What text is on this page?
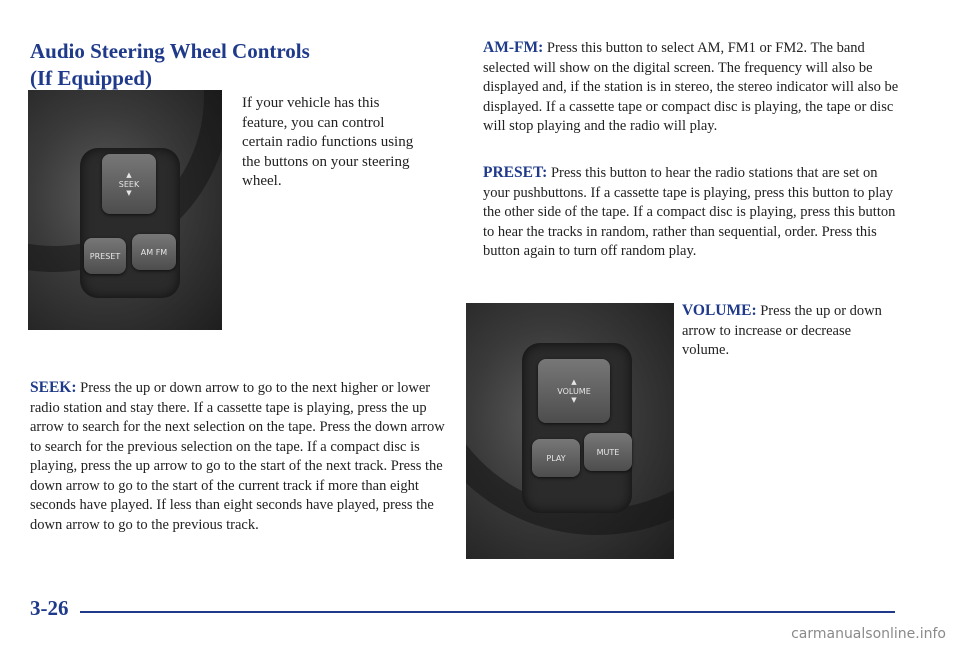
Audio Steering Wheel Controls
(If Equipped)
▲
SEEK
▼
PRESET	AM FM

If your vehicle has this feature, you can control certain radio functions using the buttons on your steering wheel.

SEEK: Press the up or down arrow to go to the next higher or lower radio station and stay there. If a cassette tape is playing, press the up arrow to search for the next selection on the tape. Press the down arrow to search for the previous selection on the tape. If a compact disc is playing, press the up arrow to go to the start of the next track. Press the down arrow to go to the start of the current track if more than eight seconds have played. If less than eight seconds have played, press the down arrow to go to the previous track.

AM-FM: Press this button to select AM, FM1 or FM2. The band selected will show on the digital screen. The frequency will also be displayed and, if the station is in stereo, the stereo indicator will also be displayed. If a cassette tape or compact disc is playing, the tape or disc will stop playing and the radio will play.

PRESET: Press this button to hear the radio stations that are set on your pushbuttons. If a cassette tape is playing, press this button to play the other side of the tape. If a compact disc is playing, press this button to hear the tracks in random, rather than sequential, order. Press this button again to turn off random play.

▲
VOLUME
▼
PLAY
MUTE

VOLUME: Press the up or down arrow to increase or decrease volume.

3-26
carmanualsonline.info
